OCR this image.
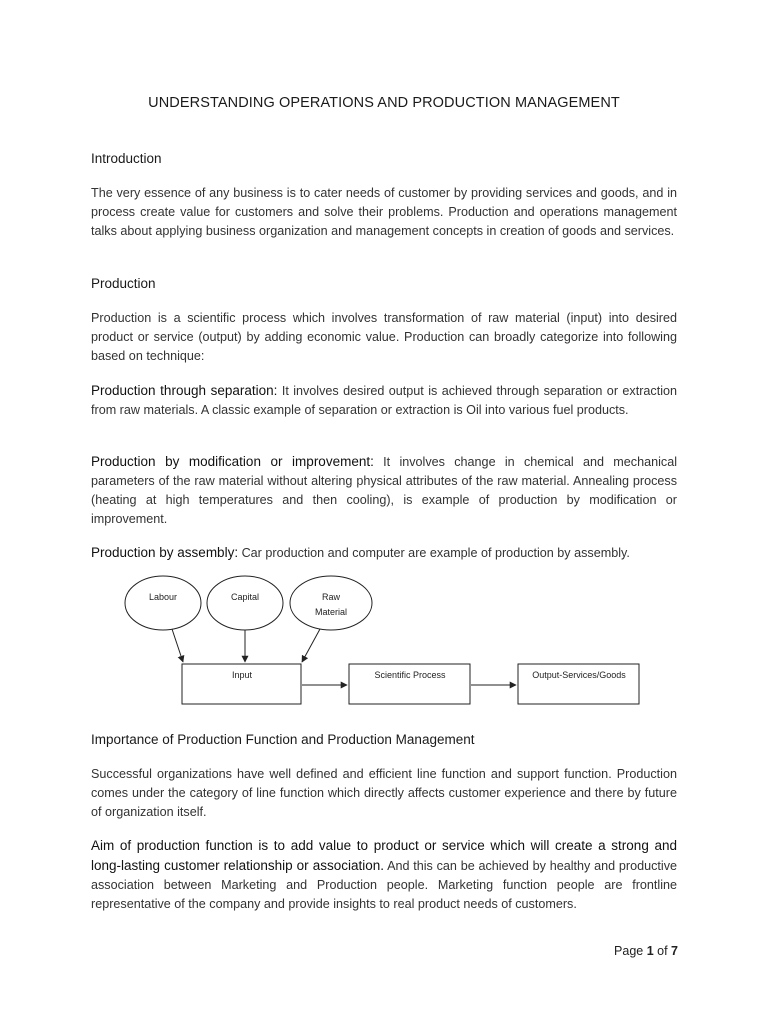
UNDERSTANDING OPERATIONS AND PRODUCTION MANAGEMENT
Introduction

The very essence of any business is to cater needs of customer by providing services and goods, and in process create value for customers and solve their problems. Production and operations management talks about applying business organization and management concepts in creation of goods and services.

Production

Production is a scientific process which involves transformation of raw material (input) into desired product or service (output) by adding economic value. Production can broadly categorize into following based on technique:

Production through separation: It involves desired output is achieved through separation or extraction from raw materials. A classic example of separation or extraction is Oil into various fuel products.

Production by modification or improvement: It involves change in chemical and mechanical parameters of the raw material without altering physical attributes of the raw material. Annealing process (heating at high temperatures and then cooling), is example of production by modification or improvement.

Production by assembly: Car production and computer are example of production by assembly.

Labour	Capital	Raw
Material
Input	Scientific Process	Output-Services/Goods
Importance of Production Function and Production Management

Successful organizations have well defined and efficient line function and support function. Production comes under the category of line function which directly affects customer experience and there by future of organization itself.

Aim of production function is to add value to product or service which will create a strong and long-lasting customer relationship or association. And this can be achieved by healthy and productive association between Marketing and Production people. Marketing function people are frontline representative of the company and provide insights to real product needs of customers.

Page 1 of 7
